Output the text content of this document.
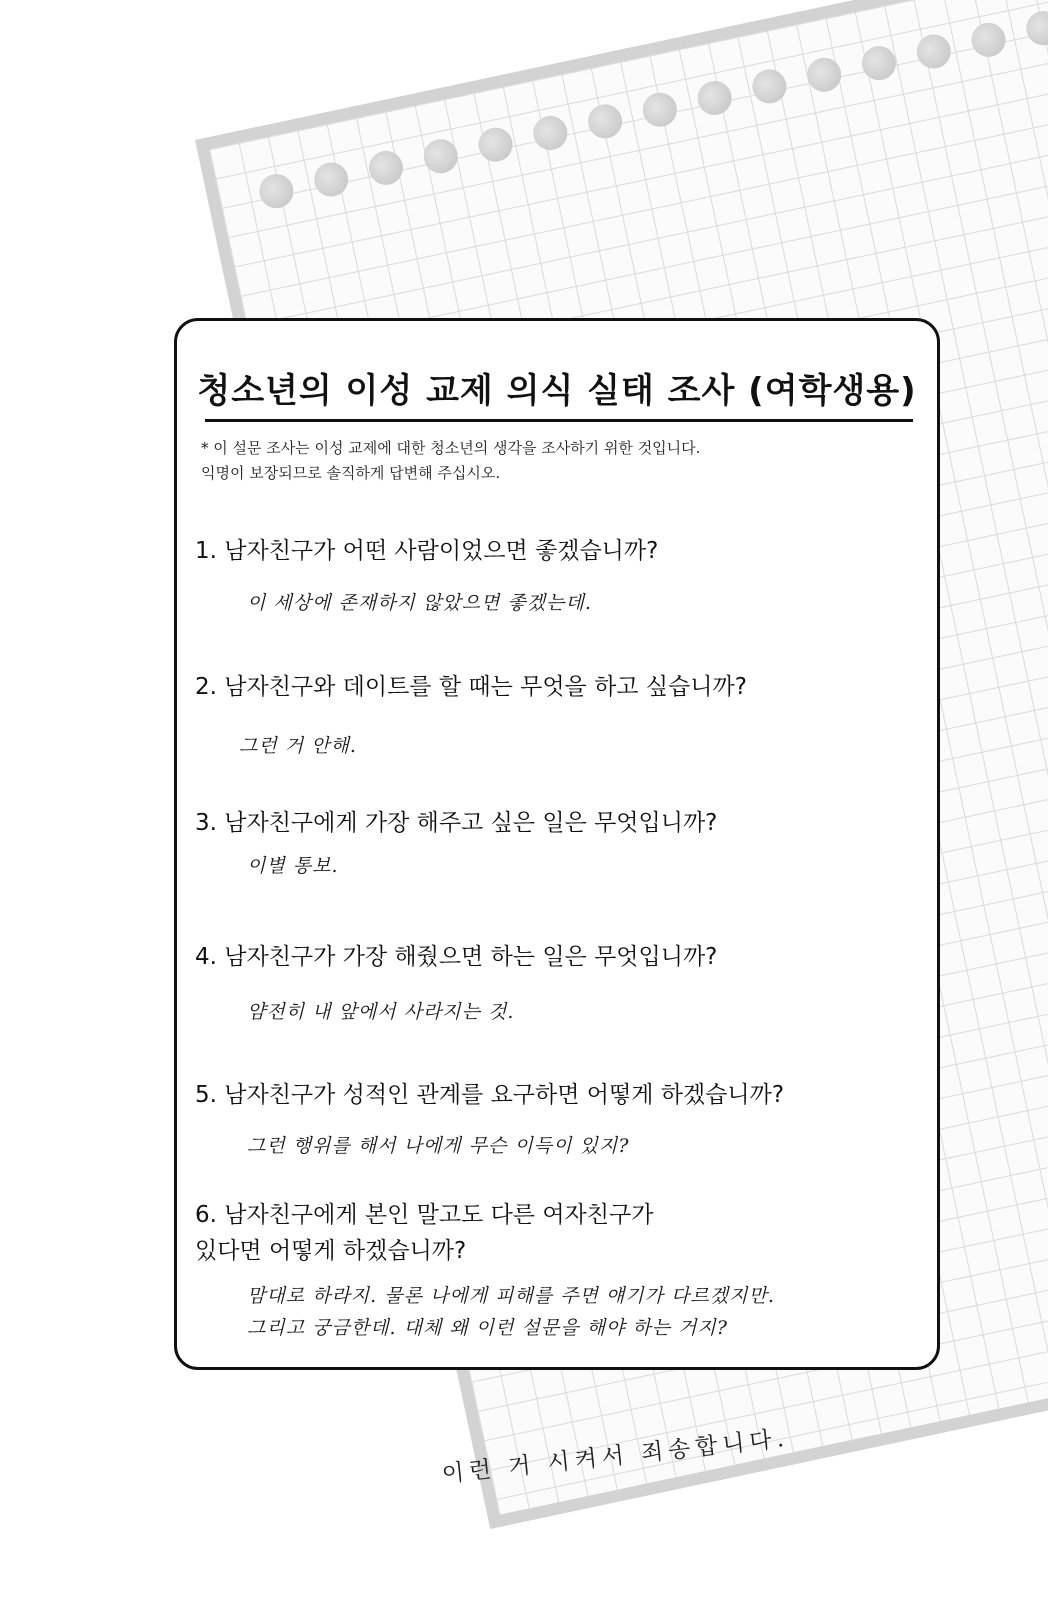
이런 거 시켜서 죄송합니다.
청소년의 이성 교제 의식 실태 조사 (여학생용)
* 이 설문 조사는 이성 교제에 대한 청소년의 생각을 조사하기 위한 것입니다.
익명이 보장되므로 솔직하게 답변해 주십시오.
1. 남자친구가 어떤 사람이었으면 좋겠습니까?
이 세상에 존재하지 않았으면 좋겠는데.
2. 남자친구와 데이트를 할 때는 무엇을 하고 싶습니까?
그런 거 안해.
3. 남자친구에게 가장 해주고 싶은 일은 무엇입니까?
이별 통보.
4. 남자친구가 가장 해줬으면 하는 일은 무엇입니까?
얌전히 내 앞에서 사라지는 것.
5. 남자친구가 성적인 관계를 요구하면 어떻게 하겠습니까?
그런 행위를 해서 나에게 무슨 이득이 있지?
6. 남자친구에게 본인 말고도 다른 여자친구가
있다면 어떻게 하겠습니까?
맘대로 하라지. 물론 나에게 피해를 주면 얘기가 다르겠지만.
그리고 궁금한데. 대체 왜 이런 설문을 해야 하는 거지?
